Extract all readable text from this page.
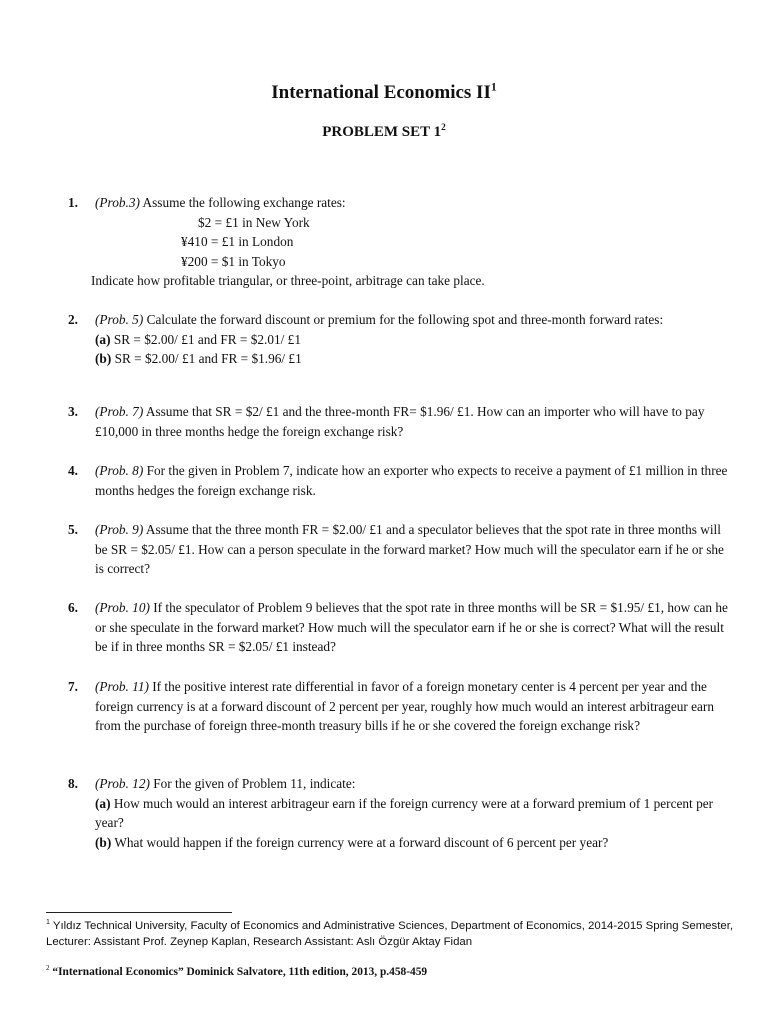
International Economics $II^1$
PROBLEM SET $1^2$
1. (Prob.3) Assume the following exchange rates:
$2 = £1 in New York
¥410 = £1 in London
¥200 = $1 in Tokyo
Indicate how profitable triangular, or three-point, arbitrage can take place.
2. (Prob. 5) Calculate the forward discount or premium for the following spot and three-month forward rates:
(a) SR = $2.00/ £1 and FR = $2.01/ £1
(b) SR = $2.00/ £1 and FR = $1.96/ £1
3. (Prob. 7) Assume that SR = $2/ £1 and the three-month FR= $1.96/ £1. How can an importer who will have to pay £10,000 in three months hedge the foreign exchange risk?
4. (Prob. 8) For the given in Problem 7, indicate how an exporter who expects to receive a payment of £1 million in three months hedges the foreign exchange risk.
5. (Prob. 9) Assume that the three month FR = $2.00/ £1 and a speculator believes that the spot rate in three months will be SR = $2.05/ £1. How can a person speculate in the forward market? How much will the speculator earn if he or she is correct?
6. (Prob. 10) If the speculator of Problem 9 believes that the spot rate in three months will be SR = $1.95/ £1, how can he or she speculate in the forward market? How much will the speculator earn if he or she is correct? What will the result be if in three months SR = $2.05/ £1 instead?
7. (Prob. 11) If the positive interest rate differential in favor of a foreign monetary center is 4 percent per year and the foreign currency is at a forward discount of 2 percent per year, roughly how much would an interest arbitrageur earn from the purchase of foreign three-month treasury bills if he or she covered the foreign exchange risk?
8. (Prob. 12) For the given of Problem 11, indicate:
(a) How much would an interest arbitrageur earn if the foreign currency were at a forward premium of 1 percent per year?
(b) What would happen if the foreign currency were at a forward discount of 6 percent per year?
$^1$ Yıldız Technical University, Faculty of Economics and Administrative Sciences, Department of Economics, 2014-2015 Spring Semester, Lecturer: Assistant Prof. Zeynep Kaplan, Research Assistant: Aslı Özgür Aktay Fidan
$^2$ “International Economics” Dominick Salvatore, 11th edition, 2013, p.458-459
